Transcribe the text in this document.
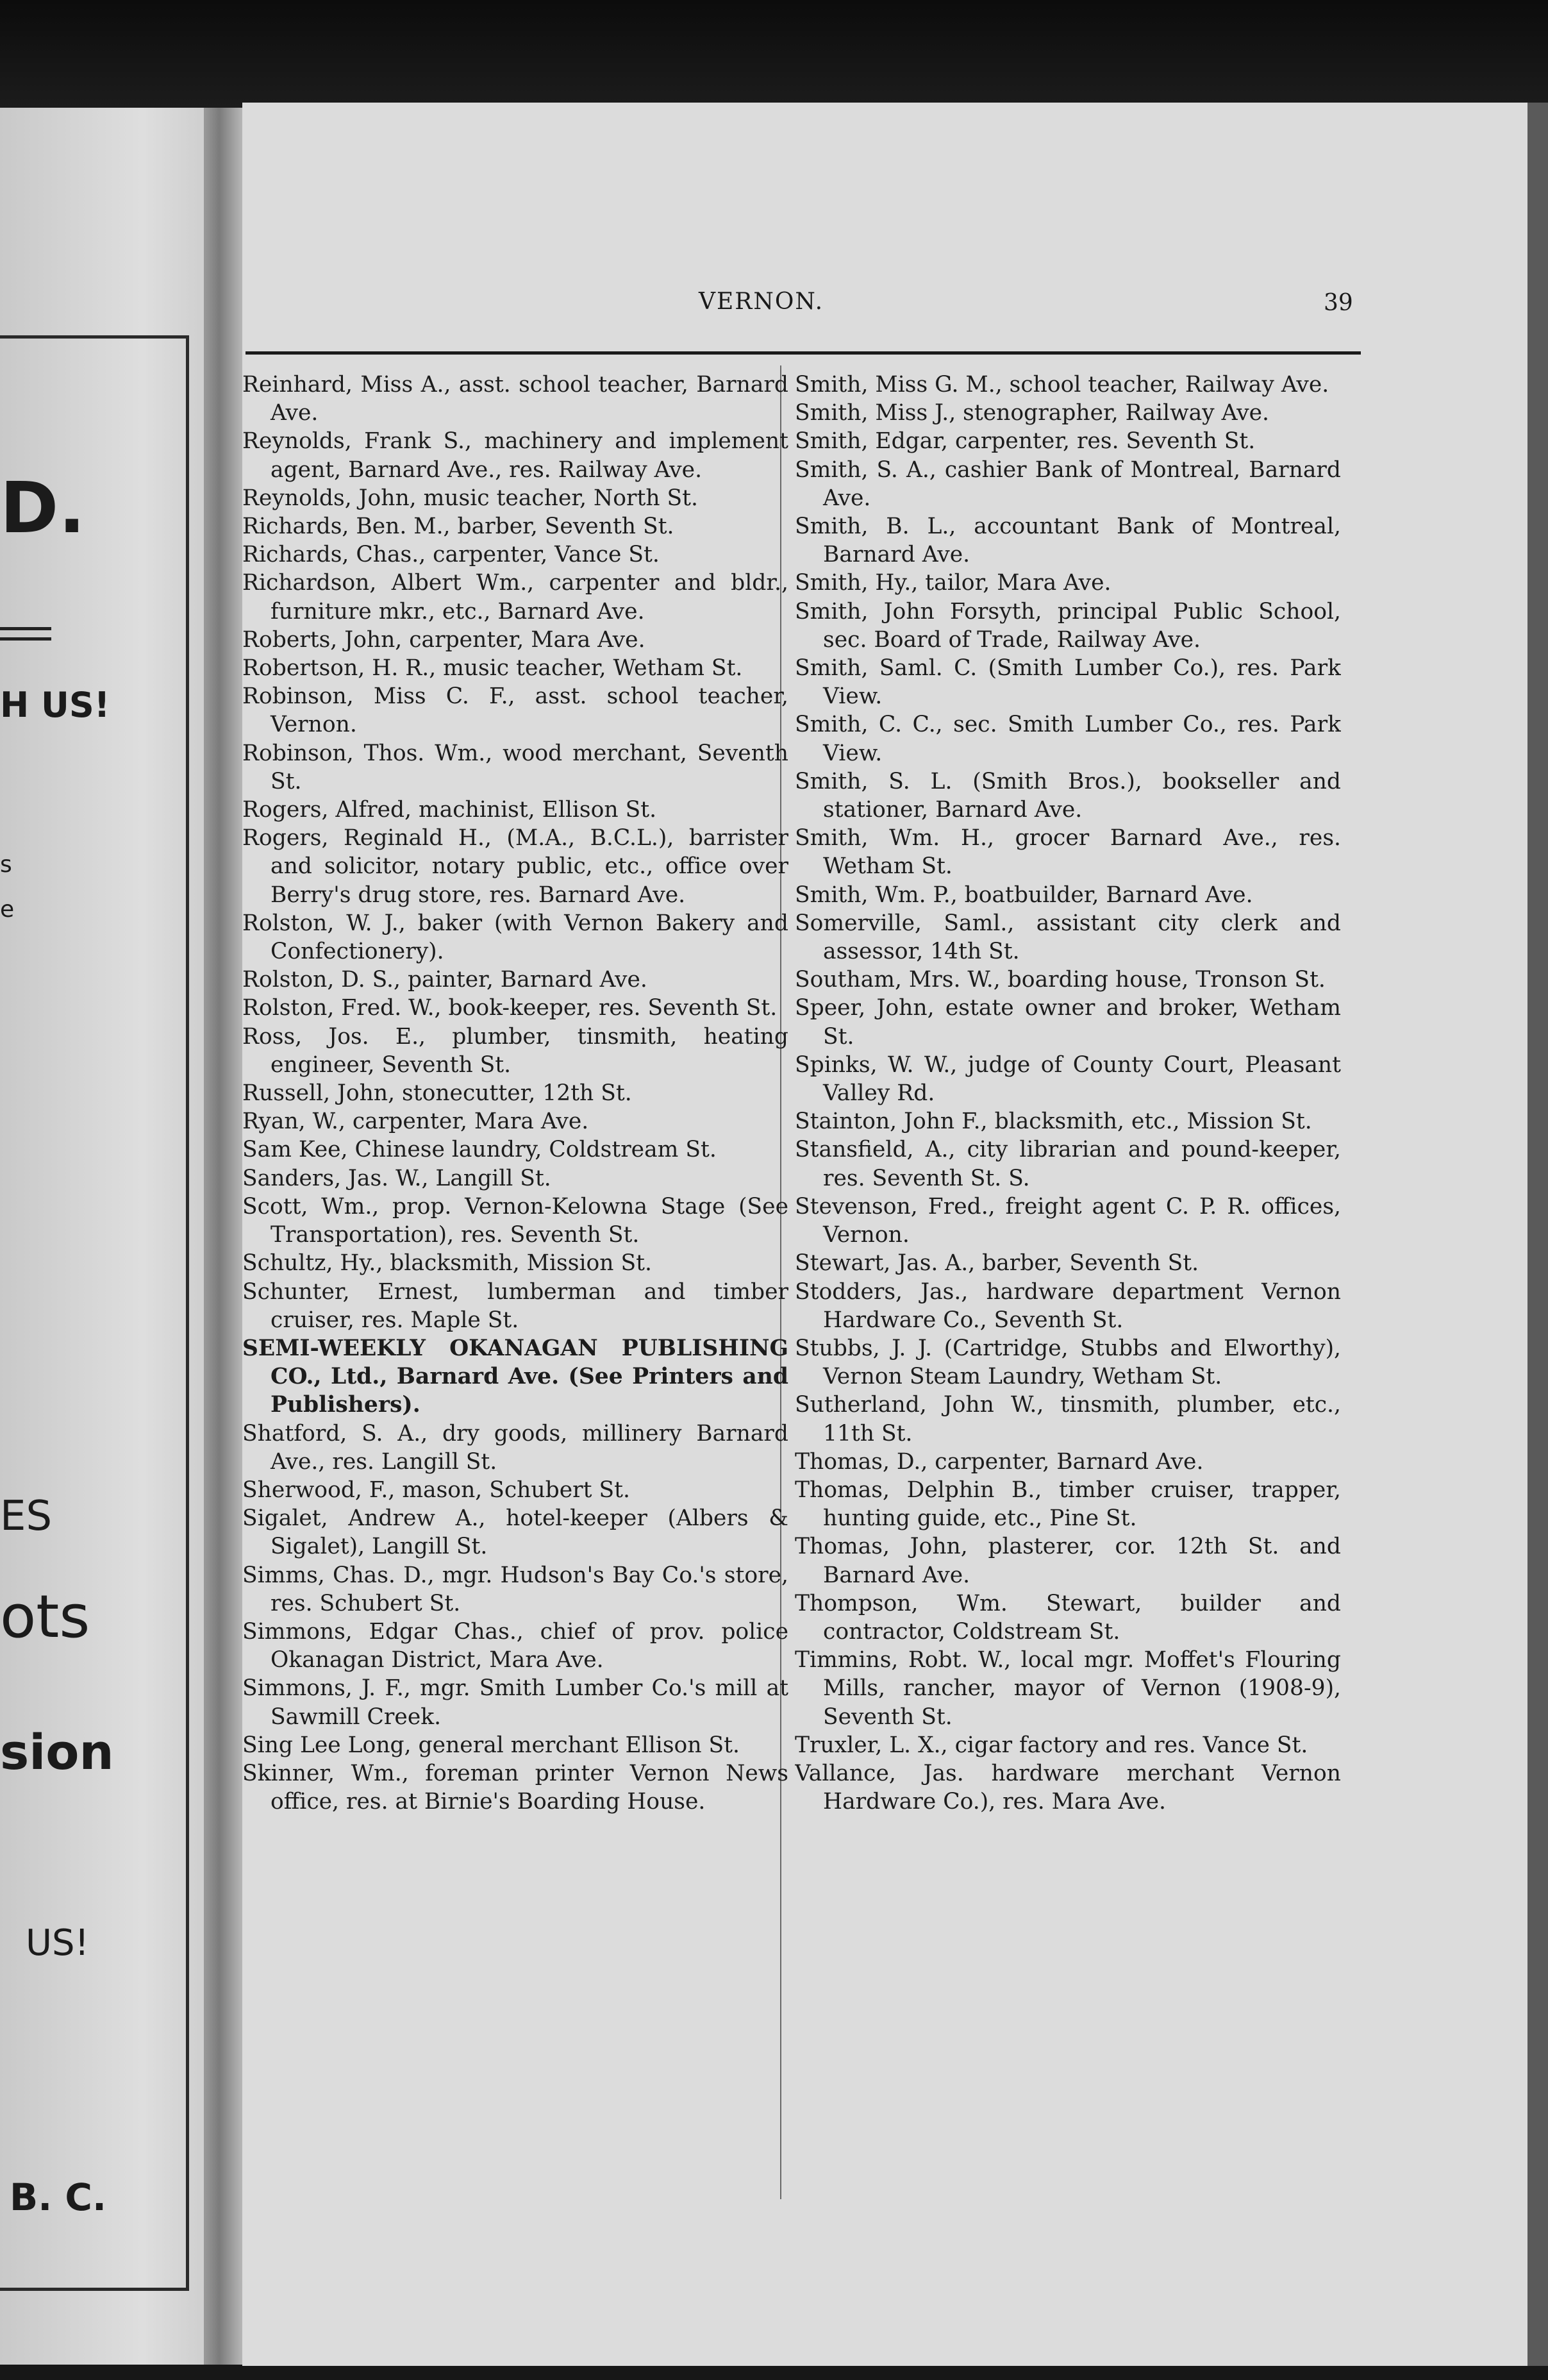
D.
H US!
s
e
ES
ots
sion
US!
B. C.
VERNON.	39
Reinhard, Miss A., asst. school teacher, Barnard Ave.
Reynolds, Frank S., machinery and implement agent, Barnard Ave., res. Railway Ave.
Reynolds, John, music teacher, North St.
Richards, Ben. M., barber, Seventh St.
Richards, Chas., carpenter, Vance St.
Richardson, Albert Wm., carpenter and bldr., furniture mkr., etc., Barnard Ave.
Roberts, John, carpenter, Mara Ave.
Robertson, H. R., music teacher, Wetham St.
Robinson, Miss C. F., asst. school teacher, Vernon.
Robinson, Thos. Wm., wood merchant, Seventh St.
Rogers, Alfred, machinist, Ellison St.
Rogers, Reginald H., (M.A., B.C.L.), barrister and solicitor, notary public, etc., office over Berry's drug store, res. Barnard Ave.
Rolston, W. J., baker (with Vernon Bakery and Confectionery).
Rolston, D. S., painter, Barnard Ave.
Rolston, Fred. W., book-keeper, res. Seventh St.
Ross, Jos. E., plumber, tinsmith, heating engineer, Seventh St.
Russell, John, stonecutter, 12th St.
Ryan, W., carpenter, Mara Ave.
Sam Kee, Chinese laundry, Coldstream St.
Sanders, Jas. W., Langill St.
Scott, Wm., prop. Vernon-Kelowna Stage (See Transportation), res. Seventh St.
Schultz, Hy., blacksmith, Mission St.
Schunter, Ernest, lumberman and timber cruiser, res. Maple St.
SEMI-WEEKLY OKANAGAN PUBLISHING CO., Ltd., Barnard Ave. (See Printers and Publishers).
Shatford, S. A., dry goods, millinery Barnard Ave., res. Langill St.
Sherwood, F., mason, Schubert St.
Sigalet, Andrew A., hotel-keeper (Albers & Sigalet), Langill St.
Simms, Chas. D., mgr. Hudson's Bay Co.'s store, res. Schubert St.
Simmons, Edgar Chas., chief of prov. police Okanagan District, Mara Ave.
Simmons, J. F., mgr. Smith Lumber Co.'s mill at Sawmill Creek.
Sing Lee Long, general merchant Ellison St.
Skinner, Wm., foreman printer Vernon News office, res. at Birnie's Boarding House.
Smith, Miss G. M., school teacher, Railway Ave.
Smith, Miss J., stenographer, Railway Ave.
Smith, Edgar, carpenter, res. Seventh St.
Smith, S. A., cashier Bank of Montreal, Barnard Ave.
Smith, B. L., accountant Bank of Montreal, Barnard Ave.
Smith, Hy., tailor, Mara Ave.
Smith, John Forsyth, principal Public School, sec. Board of Trade, Railway Ave.
Smith, Saml. C. (Smith Lumber Co.), res. Park View.
Smith, C. C., sec. Smith Lumber Co., res. Park View.
Smith, S. L. (Smith Bros.), bookseller and stationer, Barnard Ave.
Smith, Wm. H., grocer Barnard Ave., res. Wetham St.
Smith, Wm. P., boatbuilder, Barnard Ave.
Somerville, Saml., assistant city clerk and assessor, 14th St.
Southam, Mrs. W., boarding house, Tronson St.
Speer, John, estate owner and broker, Wetham St.
Spinks, W. W., judge of County Court, Pleasant Valley Rd.
Stainton, John F., blacksmith, etc., Mission St.
Stansfield, A., city librarian and pound-keeper, res. Seventh St. S.
Stevenson, Fred., freight agent C. P. R. offices, Vernon.
Stewart, Jas. A., barber, Seventh St.
Stodders, Jas., hardware department Vernon Hardware Co., Seventh St.
Stubbs, J. J. (Cartridge, Stubbs and Elworthy), Vernon Steam Laundry, Wetham St.
Sutherland, John W., tinsmith, plumber, etc., 11th St.
Thomas, D., carpenter, Barnard Ave.
Thomas, Delphin B., timber cruiser, trapper, hunting guide, etc., Pine St.
Thomas, John, plasterer, cor. 12th St. and Barnard Ave.
Thompson, Wm. Stewart, builder and contractor, Coldstream St.
Timmins, Robt. W., local mgr. Moffet's Flouring Mills, rancher, mayor of Vernon (1908-9), Seventh St.
Truxler, L. X., cigar factory and res. Vance St.
Vallance, Jas. hardware merchant Vernon Hardware Co.), res. Mara Ave.
